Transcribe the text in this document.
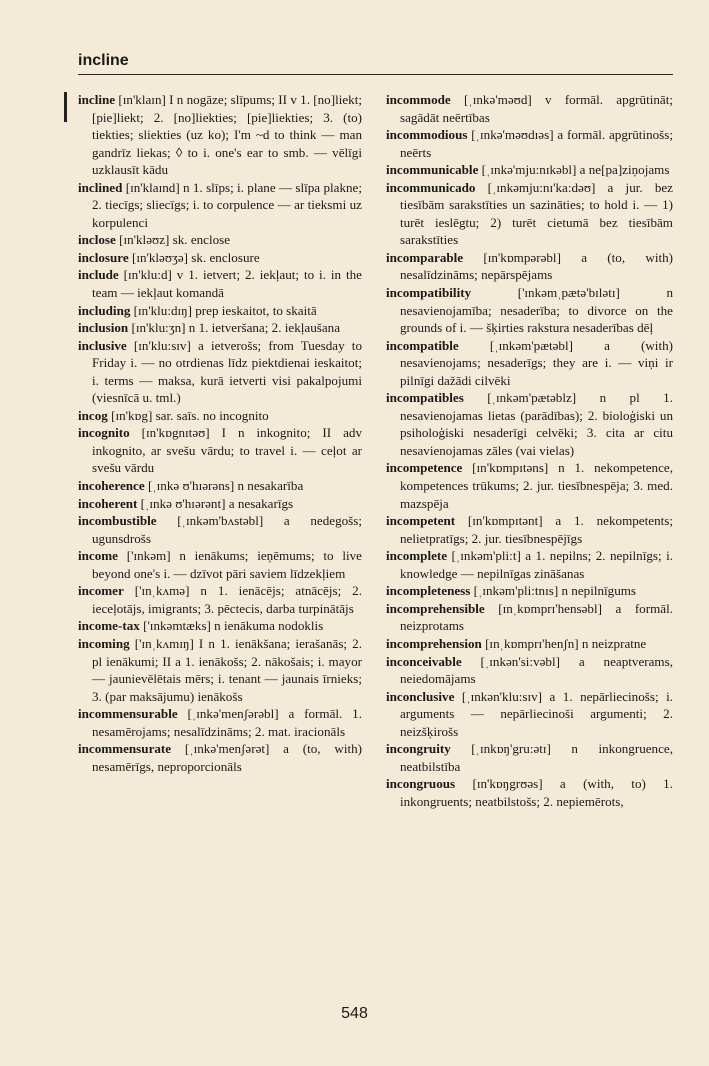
incline

incline [ɪn'klaɪn] I n nogāze; slīpums; II v 1. [no]liekt; [pie]liekt; 2. [no]liekties; [pie]liekties; 3. (to) tiekties; sliekties (uz ko); I'm ~d to think — man gandrīz liekas; ◊ to i. one's ear to smb. — vēlīgi uzklausīt kādu

inclined [ɪn'klaɪnd] n 1. slīps; i. plane — slīpa plakne; 2. tiecīgs; sliecīgs; i. to corpulence — ar tieksmi uz korpulenci

inclose [ɪn'kləʊz] sk. enclose

inclosure [ɪn'kləʊʒə] sk. enclosure

include [ɪn'klu:d] v 1. ietvert; 2. iekļaut; to i. in the team — iekļaut komandā

including [ɪn'klu:dɪŋ] prep ieskaitot, to skaitā

inclusion [ɪn'klu:ʒn] n 1. ietveršana; 2. iekļaušana

inclusive [ɪn'klu:sɪv] a ietverošs; from Tuesday to Friday i. — no otrdienas līdz piektdienai ieskaitot; i. terms — maksa, kurā ietverti visi pakalpojumi (viesnīcā u. tml.)

incog [ɪn'kɒg] sar. saīs. no incognito

incognito [ɪn'kɒgnɪtəʊ] I n inkognito; II adv inkognito, ar svešu vārdu; to travel i. — ceļot ar svešu vārdu

incoherence [ˌɪnkə ʊ'hɪərəns] n nesakarība

incoherent [ˌɪnkə ʊ'hɪərənt] a nesakarīgs

incombustible [ˌɪnkəm'bʌstəbl] a nedegošs; ugunsdrošs

income ['ɪnkəm] n ienākums; ieņēmums; to live beyond one's i. — dzīvot pāri saviem līdzekļiem

incomer ['ɪnˌkʌmə] n 1. ienācējs; atnācējs; 2. ieceļotājs, imigrants; 3. pēctecis, darba turpinātājs

income-tax ['ɪnkəmtæks] n ienākuma nodoklis

incoming ['ɪnˌkʌmɪŋ] I n 1. ienākšana; ierašanās; 2. pl ienākumi; II a 1. ienākošs; 2. nākošais; i. mayor — jaunievēlētais mērs; i. tenant — jaunais īrnieks; 3. (par maksājumu) ienākošs

incommensurable [ˌɪnkə'menʃərəbl] a formāl. 1. nesamērojams; nesalīdzināms; 2. mat. iracionāls

incommensurate [ˌɪnkə'menʃərət] a (to, with) nesamērīgs, neproporcionāls

incommode [ˌɪnkə'məʊd] v formāl. apgrūtināt; sagādāt neērtības

incommodious [ˌɪnkə'məʊdɪəs] a formāl. apgrūtinošs; neērts

incommunicable [ˌɪnkə'mju:nɪkəbl] a ne[pa]ziņojams

incommunicado [ˌɪnkəmju:nɪ'ka:dəʊ] a jur. bez tiesībām sarakstīties un sazināties; to hold i. — 1) turēt ieslēgtu; 2) turēt cietumā bez tiesībām sarakstīties

incomparable [ɪn'kɒmpərəbl] a (to, with) nesalīdzināms; nepārspējams

incompatibility ['ɪnkəmˌpætə'bɪlətɪ] n nesavienojamība; nesaderība; to divorce on the grounds of i. — šķirties rakstura nesaderības dēļ

incompatible [ˌɪnkəm'pætəbl] a (with) nesavienojams; nesaderīgs; they are i. — viņi ir pilnīgi dažādi cilvēki

incompatibles [ˌɪnkəm'pætəblz] n pl 1. nesavienojamas lietas (parādības); 2. bioloģiski un psiholoģiski nesaderīgi celvēki; 3. cita ar citu nesavienojamas zāles (vai vielas)

incompetence [ɪn'kɒmpɪtəns] n 1. nekompetence, kompetences trūkums; 2. jur. tiesībnespēja; 3. med. mazspēja

incompetent [ɪn'kɒmpɪtənt] a 1. nekompetents; nelietpratīgs; 2. jur. tiesībnespējīgs

incomplete [ˌɪnkəm'pli:t] a 1. nepilns; 2. nepilnīgs; i. knowledge — nepilnīgas zināšanas

incompleteness [ˌɪnkəm'pli:tnɪs] n nepilnīgums

incomprehensible [ɪnˌkɒmprɪ'hensəbl] a formāl. neizprotams

incomprehension [ɪnˌkɒmprɪ'henʃn] n neizpratne

inconceivable [ˌɪnkən'si:vəbl] a neaptverams, neiedomājams

inconclusive [ˌɪnkən'klu:sɪv] a 1. nepārliecinošs; i. arguments — nepārliecinoši argumenti; 2. neizšķirošs

incongruity [ˌɪnkɒŋ'gru:ətɪ] n inkongruence, neatbilstība

incongruous [ɪn'kɒŋgrʊəs] a (with, to) 1. inkongruents; neatbilstošs; 2. nepiemērots,

548
